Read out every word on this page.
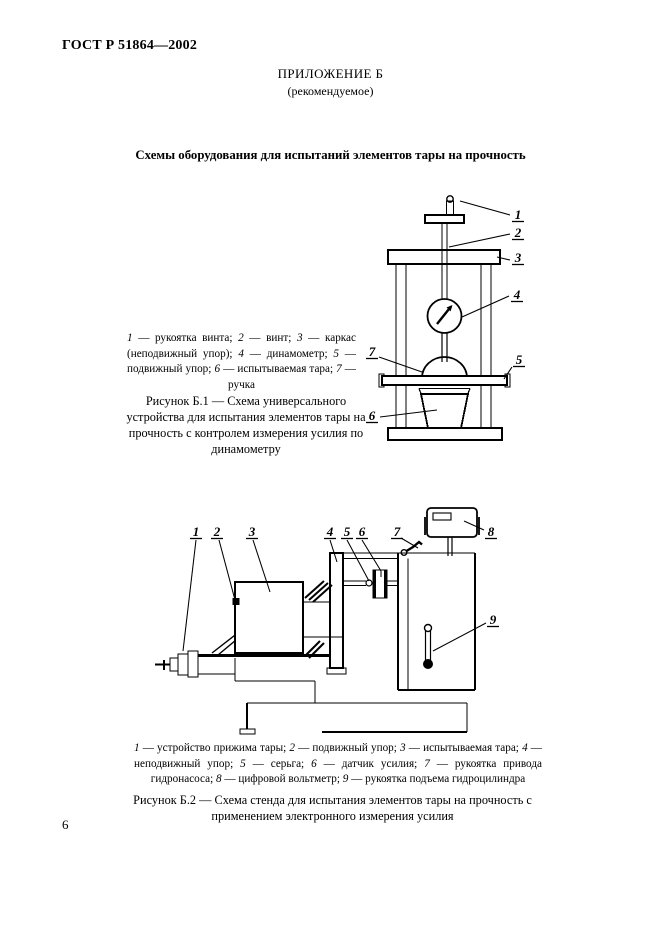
ГОСТ Р 51864—2002
ПРИЛОЖЕНИЕ Б
(рекомендуемое)
Схемы оборудования для испытаний элементов тары на прочность
1
2
3
4
5
7
6

1 — рукоятка винта; 2 — винт; 3 — каркас (неподвижный упор); 4 — динамометр; 5 — подвижный упор; 6 — испытываемая тара; 7 — ручка

Рисунок Б.1 — Схема универсального устройства для испытания элементов тары на прочность с контролем измерения усилия по динамометру

1 2 3	4 5 6 7	8
9

1 — устройство прижима тары; 2 — подвижный упор; 3 — испытываемая тара; 4 — неподвижный упор; 5 — серьга; 6 — датчик усилия; 7 — рукоятка привода гидронасоса; 8 — цифровой вольтметр; 9 — рукоятка подъема гидроцилиндра

Рисунок Б.2 — Схема стенда для испытания элементов тары на прочность с применением электронного измерения усилия

6
